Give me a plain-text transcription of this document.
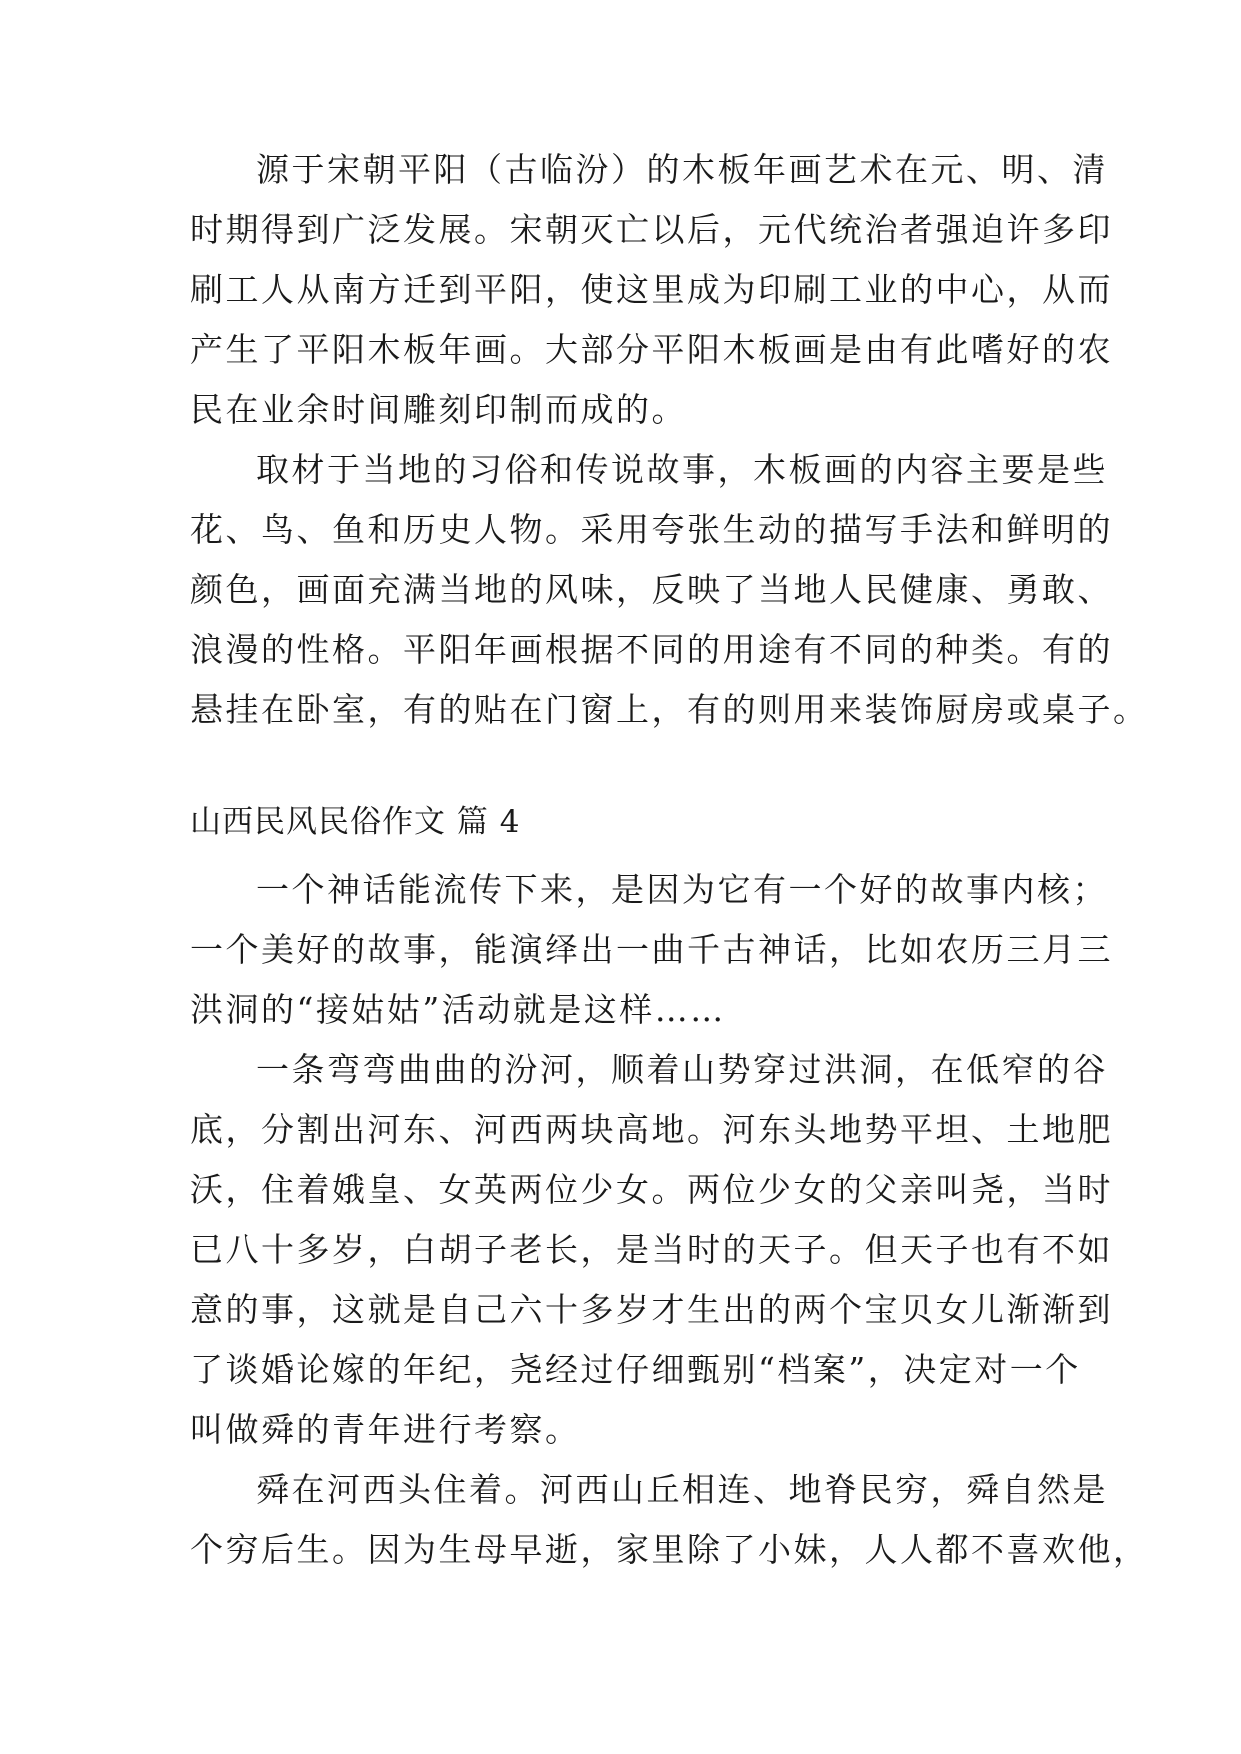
源于宋朝平阳（古临汾）的木板年画艺术在元、明、清
时期得到广泛发展。宋朝灭亡以后，元代统治者强迫许多印
刷工人从南方迁到平阳，使这里成为印刷工业的中心，从而
产生了平阳木板年画。大部分平阳木板画是由有此嗜好的农
民在业余时间雕刻印制而成的。
取材于当地的习俗和传说故事，木板画的内容主要是些
花、鸟、鱼和历史人物。采用夸张生动的描写手法和鲜明的
颜色，画面充满当地的风味，反映了当地人民健康、勇敢、
浪漫的性格。平阳年画根据不同的用途有不同的种类。有的
悬挂在卧室，有的贴在门窗上，有的则用来装饰厨房或桌子。
山西民风民俗作文 篇 4
一个神话能流传下来，是因为它有一个好的故事内核；
一个美好的故事，能演绎出一曲千古神话，比如农历三月三
洪洞的“接姑姑”活动就是这样……
一条弯弯曲曲的汾河，顺着山势穿过洪洞，在低窄的谷
底，分割出河东、河西两块高地。河东头地势平坦、土地肥
沃，住着娥皇、女英两位少女。两位少女的父亲叫尧，当时
已八十多岁，白胡子老长，是当时的天子。但天子也有不如
意的事，这就是自己六十多岁才生出的两个宝贝女儿渐渐到
了谈婚论嫁的年纪，尧经过仔细甄别“档案”，决定对一个
叫做舜的青年进行考察。
舜在河西头住着。河西山丘相连、地脊民穷，舜自然是
个穷后生。因为生母早逝，家里除了小妹，人人都不喜欢他，
